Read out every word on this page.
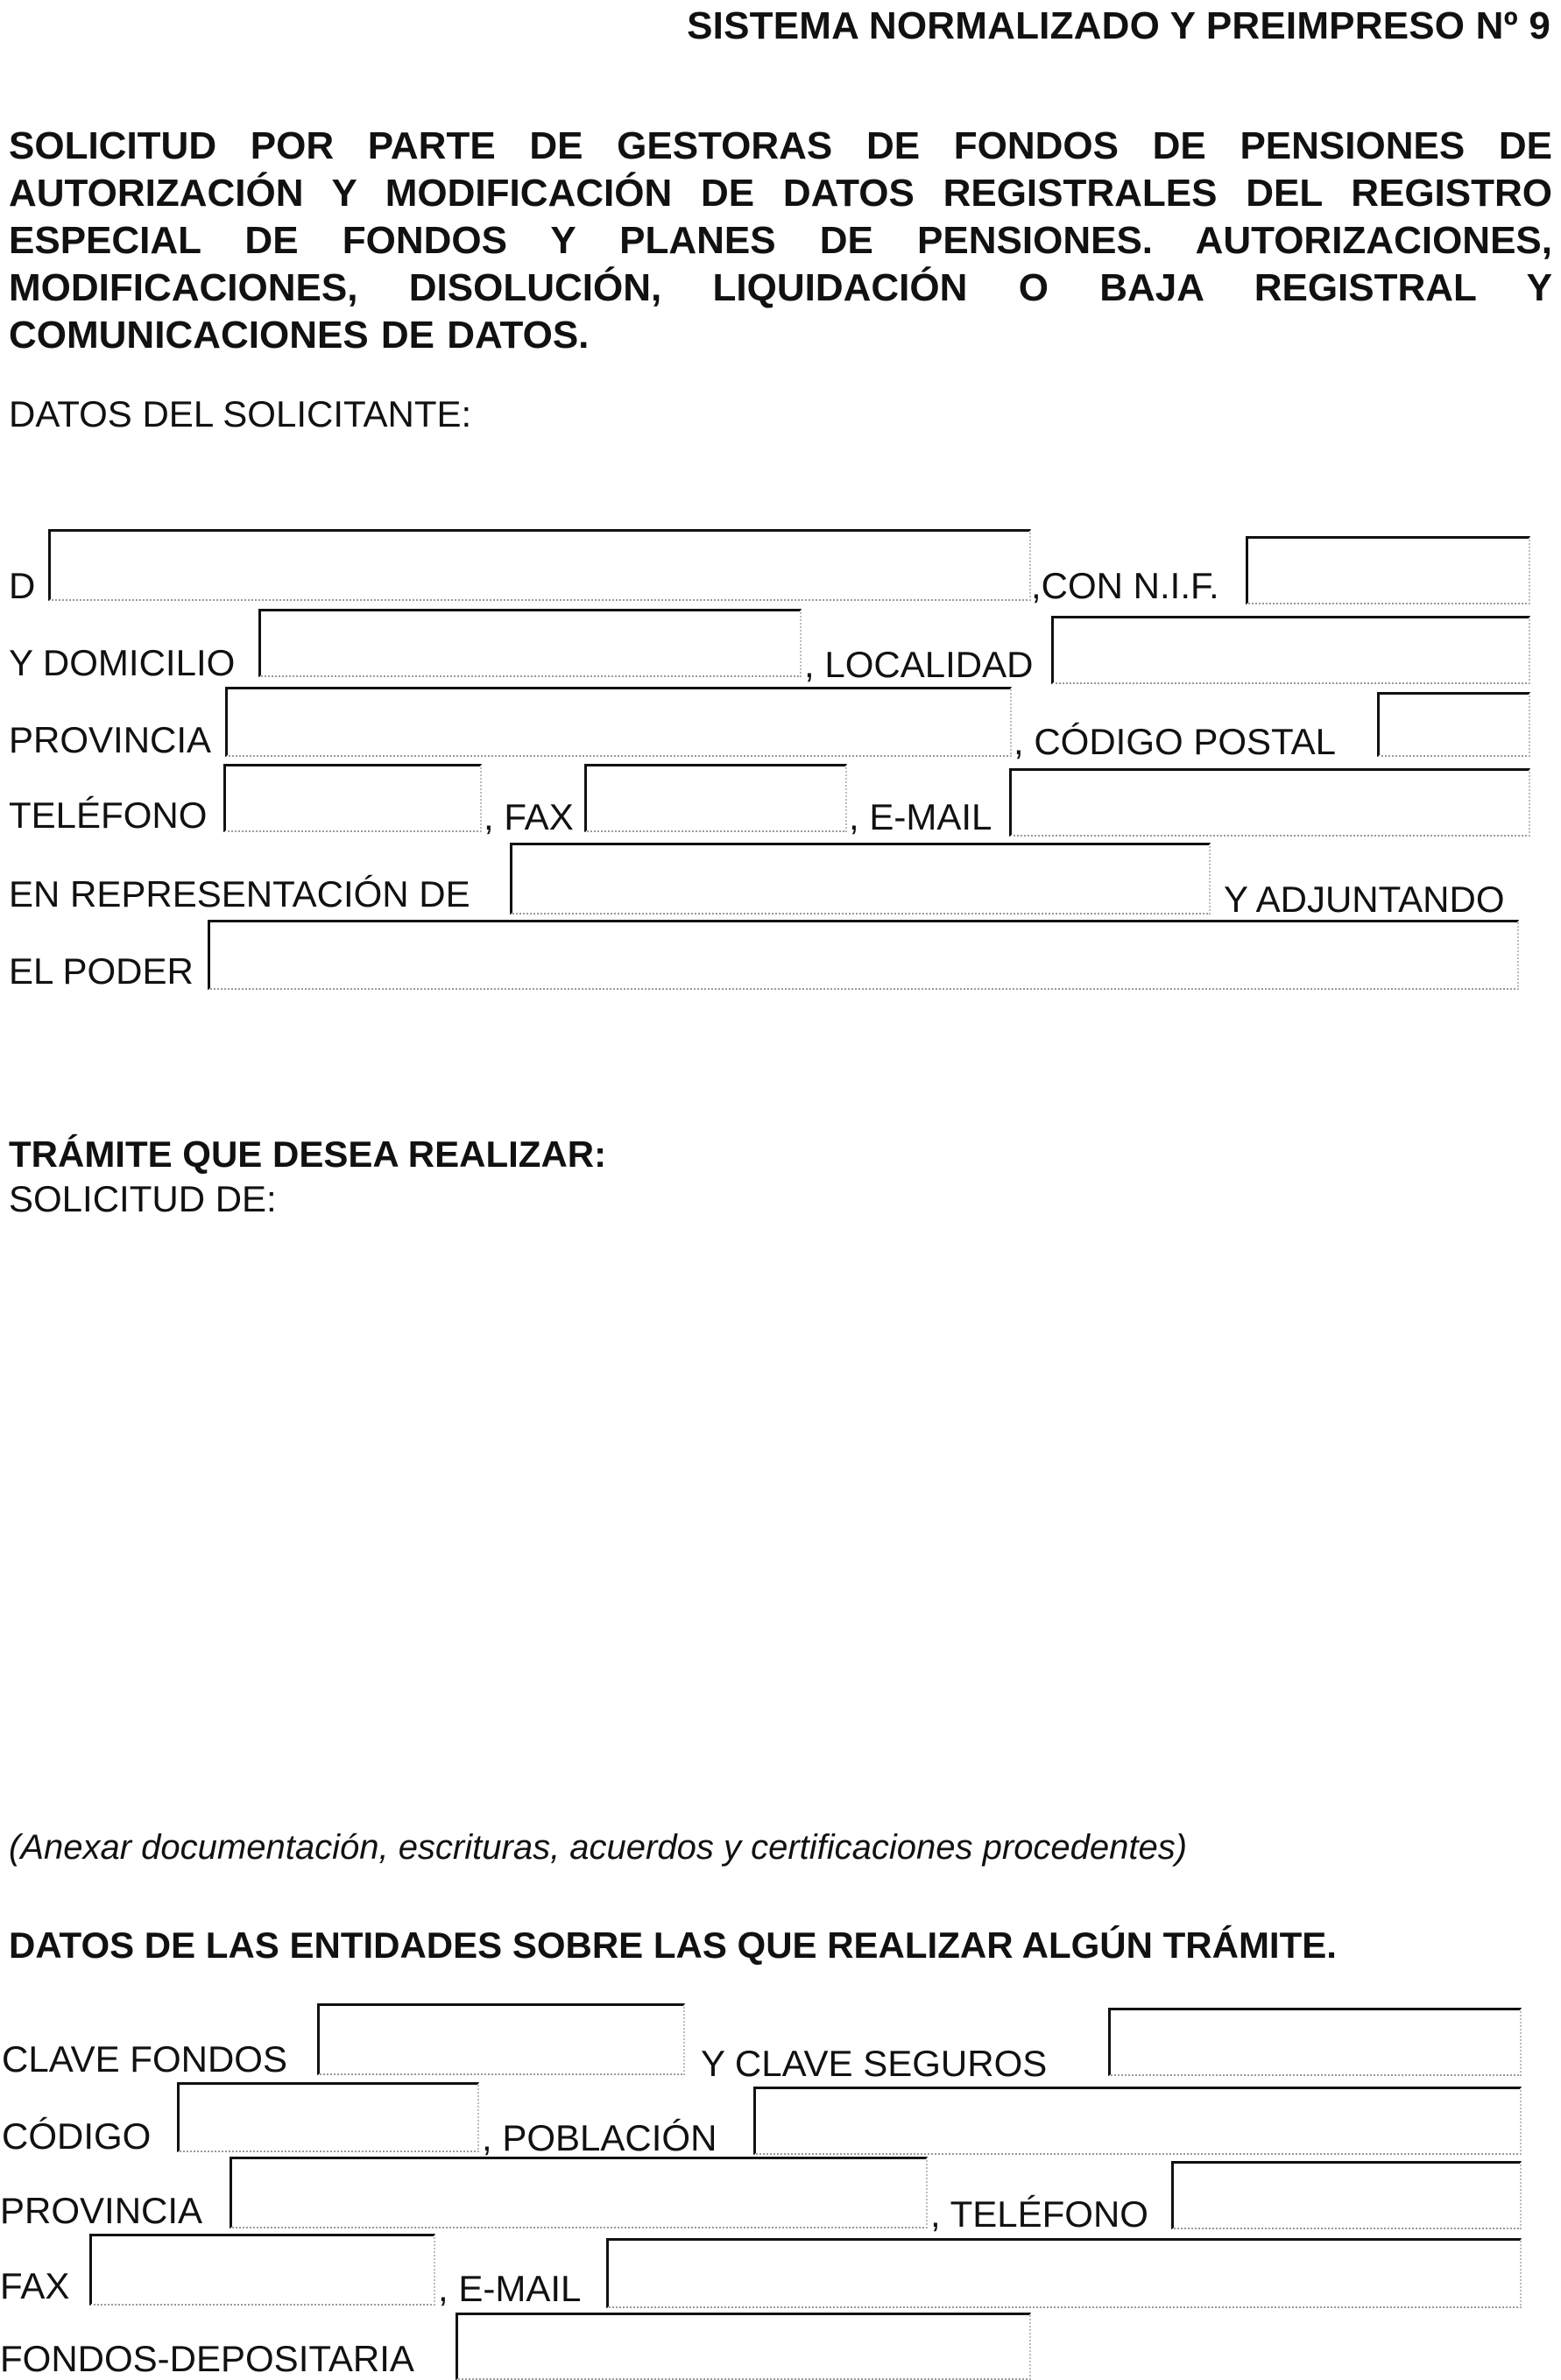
SISTEMA NORMALIZADO Y PREIMPRESO Nº 9
SOLICITUD POR PARTE DE GESTORAS DE FONDOS DE PENSIONES DE
AUTORIZACIÓN Y MODIFICACIÓN DE DATOS REGISTRALES DEL REGISTRO
ESPECIAL DE FONDOS Y PLANES DE PENSIONES. AUTORIZACIONES,
MODIFICACIONES, DISOLUCIÓN, LIQUIDACIÓN O BAJA REGISTRAL Y
COMUNICACIONES DE DATOS.
DATOS DEL SOLICITANTE:
D	,CON N.I.F.
Y DOMICILIO	, LOCALIDAD
PROVINCIA	, CÓDIGO POSTAL
TELÉFONO	, FAX	, E-MAIL
EN REPRESENTACIÓN DE	Y ADJUNTANDO
EL PODER
TRÁMITE QUE DESEA REALIZAR:
SOLICITUD DE:
(Anexar documentación, escrituras, acuerdos y certificaciones procedentes)
DATOS DE LAS ENTIDADES SOBRE LAS QUE REALIZAR ALGÚN TRÁMITE.
CLAVE FONDOS	Y CLAVE SEGUROS
CÓDIGO	, POBLACIÓN
PROVINCIA	, TELÉFONO
FAX	, E-MAIL
FONDOS-DEPOSITARIA
